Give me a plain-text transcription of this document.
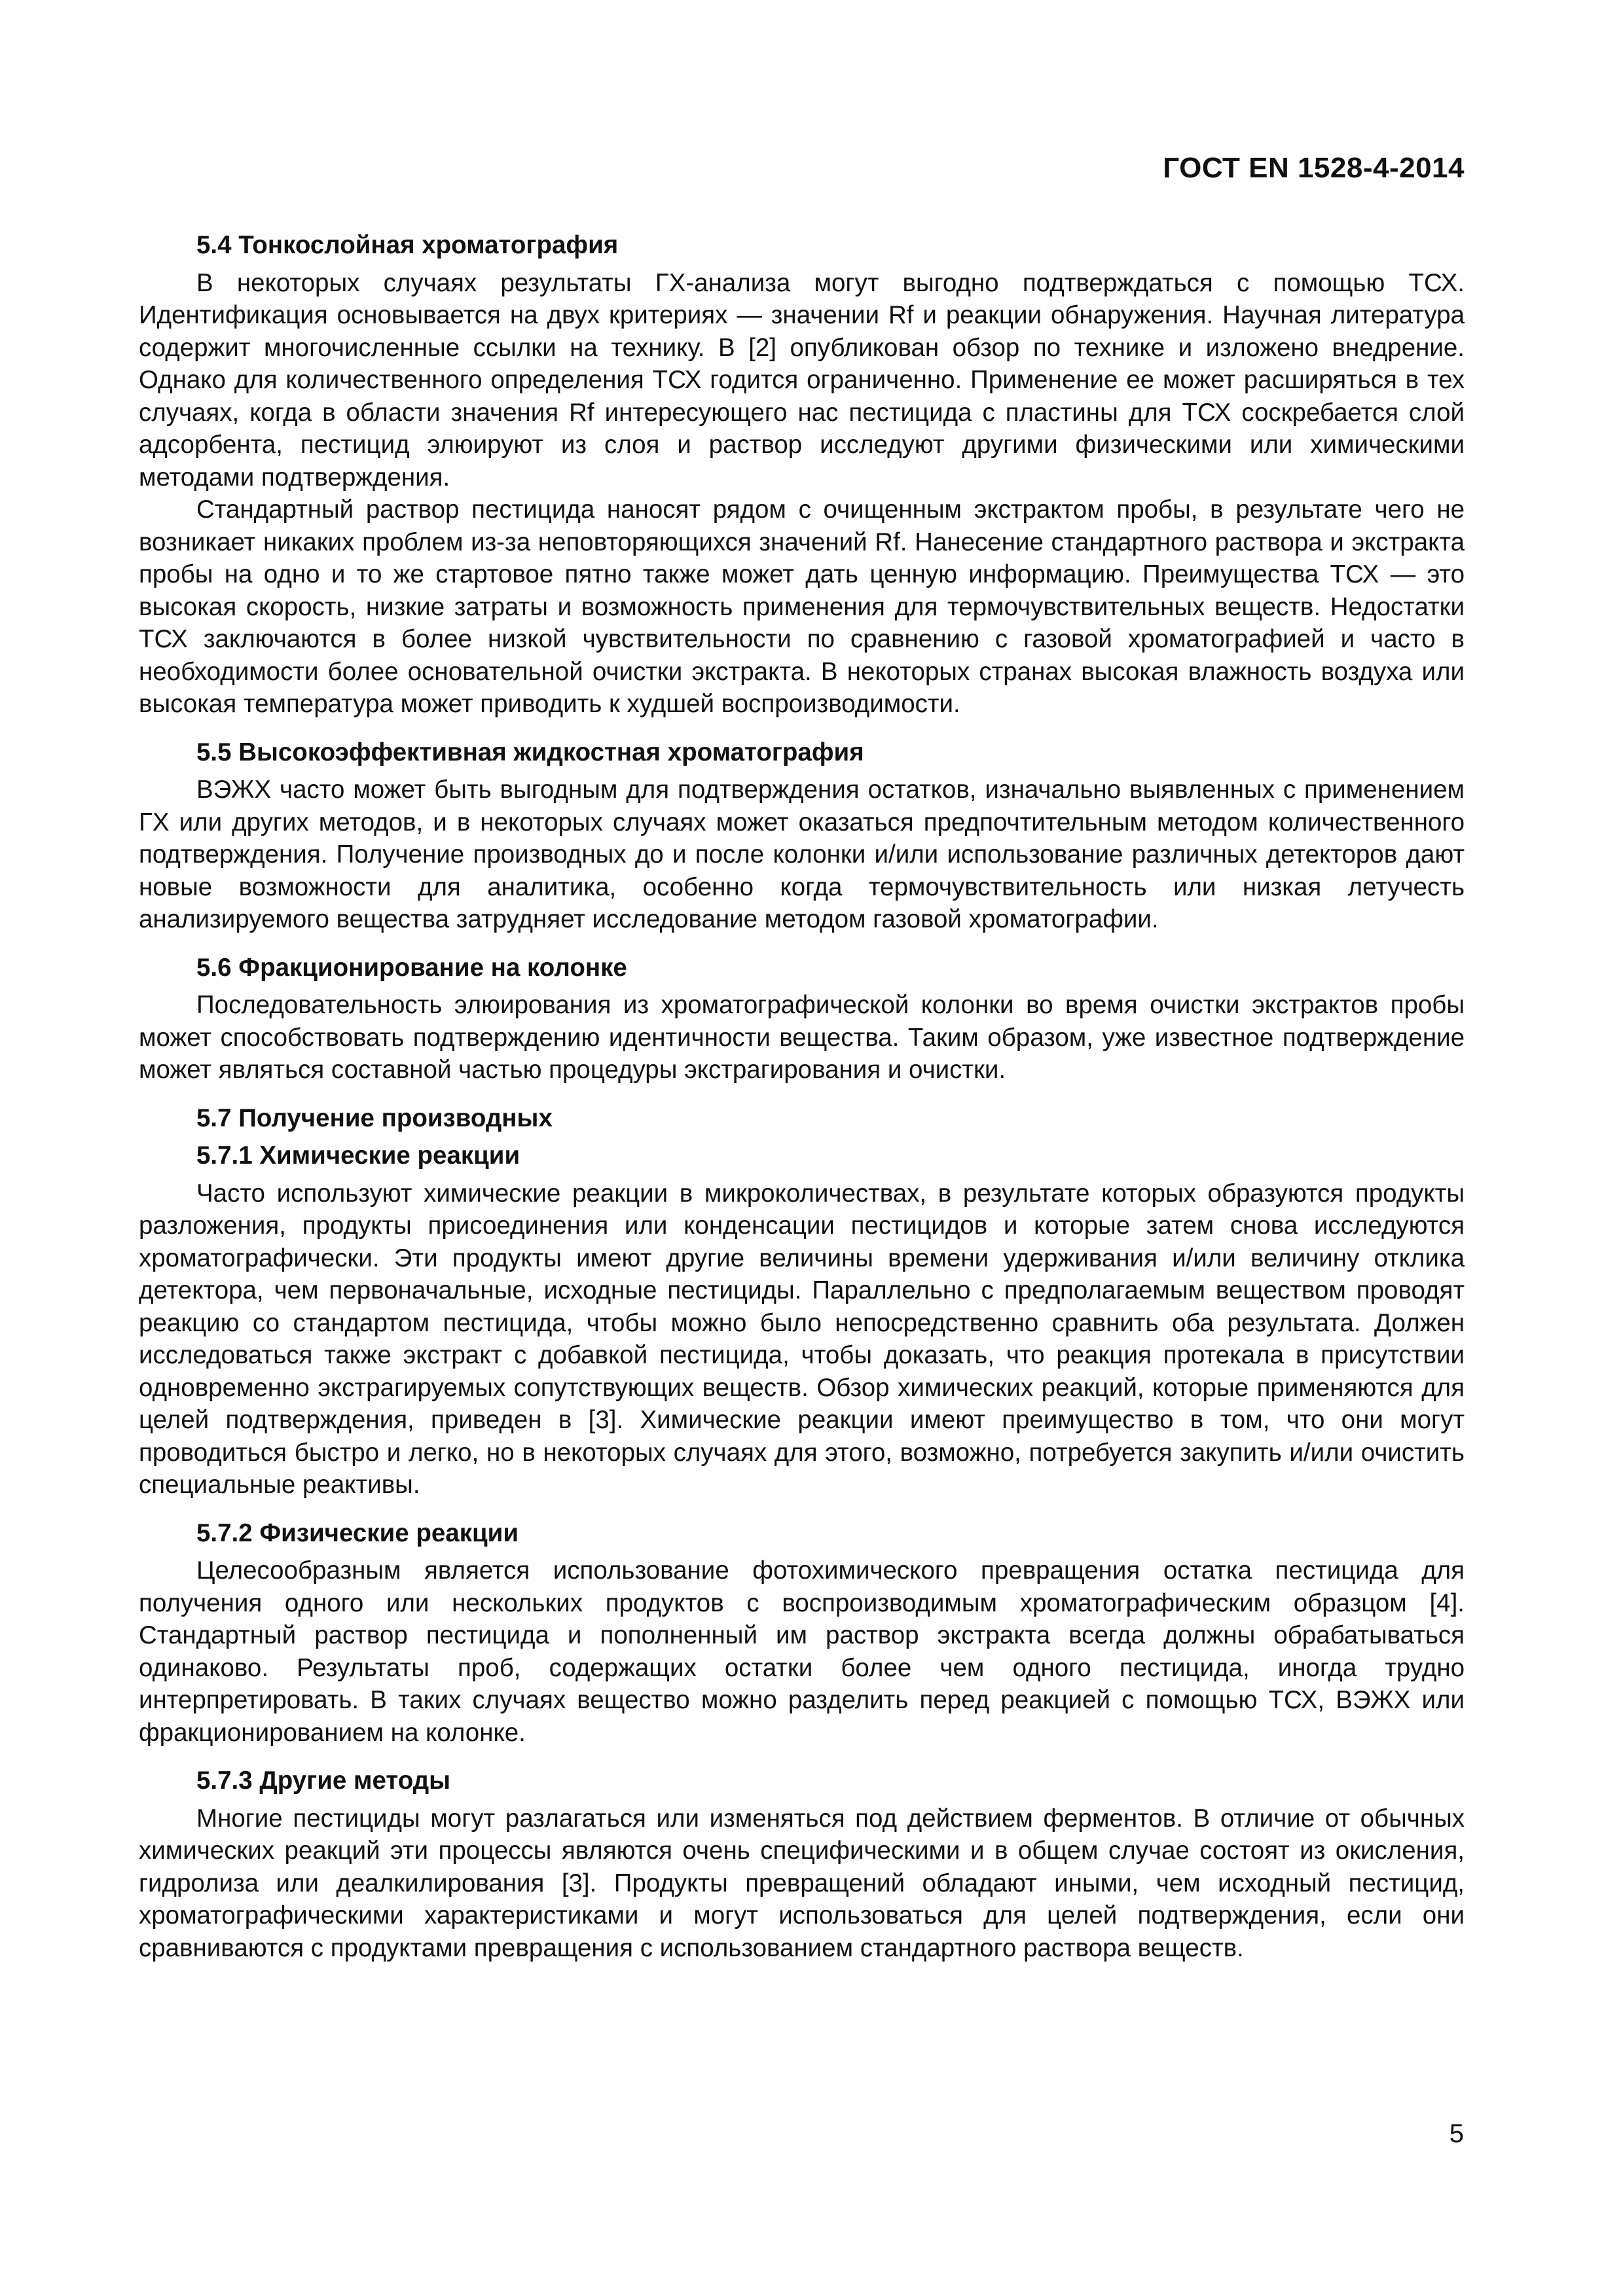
ГОСТ EN 1528-4-2014
5.4 Тонкослойная хроматография

В некоторых случаях результаты ГХ-анализа могут выгодно подтверждаться с помощью ТСХ. Идентификация основывается на двух критериях — значении Rf и реакции обнаружения. Научная литература содержит многочисленные ссылки на технику. В [2] опубликован обзор по технике и изложено внедрение. Однако для количественного определения ТСХ годится ограниченно. Применение ее может расширяться в тех случаях, когда в области значения Rf интересующего нас пестицида с пластины для ТСХ соскребается слой адсорбента, пестицид элюируют из слоя и раствор исследуют другими физическими или химическими методами подтверждения.

Стандартный раствор пестицида наносят рядом с очищенным экстрактом пробы, в результате чего не возникает никаких проблем из-за неповторяющихся значений Rf. Нанесение стандартного раствора и экстракта пробы на одно и то же стартовое пятно также может дать ценную информацию. Преимущества ТСХ — это высокая скорость, низкие затраты и возможность применения для термочувствительных веществ. Недостатки ТСХ заключаются в более низкой чувствительности по сравнению с газовой хроматографией и часто в необходимости более основательной очистки экстракта. В некоторых странах высокая влажность воздуха или высокая температура может приводить к худшей воспроизводимости.

5.5 Высокоэффективная жидкостная хроматография

ВЭЖХ часто может быть выгодным для подтверждения остатков, изначально выявленных с применением ГХ или других методов, и в некоторых случаях может оказаться предпочтительным методом количественного подтверждения. Получение производных до и после колонки и/или использование различных детекторов дают новые возможности для аналитика, особенно когда термочувствительность или низкая летучесть анализируемого вещества затрудняет исследование методом газовой хроматографии.

5.6 Фракционирование на колонке

Последовательность элюирования из хроматографической колонки во время очистки экстрактов пробы может способствовать подтверждению идентичности вещества. Таким образом, уже известное подтверждение может являться составной частью процедуры экстрагирования и очистки.

5.7 Получение производных
5.7.1 Химические реакции

Часто используют химические реакции в микроколичествах, в результате которых образуются продукты разложения, продукты присоединения или конденсации пестицидов и которые затем снова исследуются хроматографически. Эти продукты имеют другие величины времени удерживания и/или величину отклика детектора, чем первоначальные, исходные пестициды. Параллельно с предполагаемым веществом проводят реакцию со стандартом пестицида, чтобы можно было непосредственно сравнить оба результата. Должен исследоваться также экстракт с добавкой пестицида, чтобы доказать, что реакция протекала в присутствии одновременно экстрагируемых сопутствующих веществ. Обзор химических реакций, которые применяются для целей подтверждения, приведен в [3]. Химические реакции имеют преимущество в том, что они могут проводиться быстро и легко, но в некоторых случаях для этого, возможно, потребуется закупить и/или очистить специальные реактивы.

5.7.2 Физические реакции

Целесообразным является использование фотохимического превращения остатка пестицида для получения одного или нескольких продуктов с воспроизводимым хроматографическим образцом [4]. Стандартный раствор пестицида и пополненный им раствор экстракта всегда должны обрабатываться одинаково. Результаты проб, содержащих остатки более чем одного пестицида, иногда трудно интерпретировать. В таких случаях вещество можно разделить перед реакцией с помощью ТСХ, ВЭЖХ или фракционированием на колонке.

5.7.3 Другие методы

Многие пестициды могут разлагаться или изменяться под действием ферментов. В отличие от обычных химических реакций эти процессы являются очень специфическими и в общем случае состоят из окисления, гидролиза или деалкилирования [3]. Продукты превращений обладают иными, чем исходный пестицид, хроматографическими характеристиками и могут использоваться для целей подтверждения, если они сравниваются с продуктами превращения с использованием стандартного раствора веществ.

5
